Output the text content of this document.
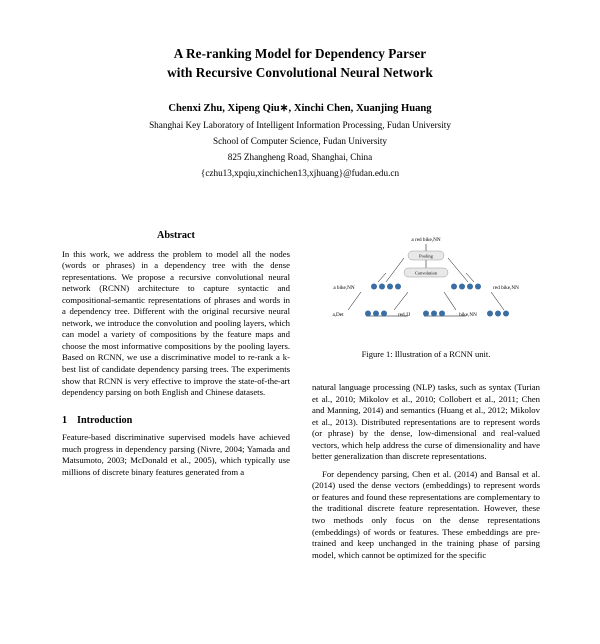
A Re-ranking Model for Dependency Parser
with Recursive Convolutional Neural Network
Chenxi Zhu, Xipeng Qiu∗, Xinchi Chen, Xuanjing Huang
Shanghai Key Laboratory of Intelligent Information Processing, Fudan University
School of Computer Science, Fudan University
825 Zhangheng Road, Shanghai, China
{czhu13,xpqiu,xinchichen13,xjhuang}@fudan.edu.cn
Abstract

In this work, we address the problem to model all the nodes (words or phrases) in a dependency tree with the dense representations. We propose a recursive convolutional neural network (RCNN) architecture to capture syntactic and compositional-semantic representations of phrases and words in a dependency tree. Different with the original recursive neural network, we introduce the convolution and pooling layers, which can model a variety of compositions by the feature maps and choose the most informative compositions by the pooling layers. Based on RCNN, we use a discriminative model to re-rank a k-best list of candidate dependency parsing trees. The experiments show that RCNN is very effective to improve the state-of-the-art dependency parsing on both English and Chinese datasets.

1 Introduction

Feature-based discriminative supervised models have achieved much progress in dependency parsing (Nivre, 2004; Yamada and Matsumoto, 2003; McDonald et al., 2005), which typically use millions of discrete binary features generated from a

a red bike,NN
Pooling
Convolution
a bike,NN	red bike,NN
a,Det	red,JJ	bike,NN
Figure 1: Illustration of a RCNN unit.

natural language processing (NLP) tasks, such as syntax (Turian et al., 2010; Mikolov et al., 2010; Collobert et al., 2011; Chen and Manning, 2014) and semantics (Huang et al., 2012; Mikolov et al., 2013). Distributed representations are to represent words (or phrase) by the dense, low-dimensional and real-valued vectors, which help address the curse of dimensionality and have better generalization than discrete representations.

For dependency parsing, Chen et al. (2014) and Bansal et al. (2014) used the dense vectors (embeddings) to represent words or features and found these representations are complementary to the traditional discrete feature representation. However, these two methods only focus on the dense representations (embeddings) of words or features. These embeddings are pre-trained and keep unchanged in the training phase of parsing model, which cannot be optimized for the specific
